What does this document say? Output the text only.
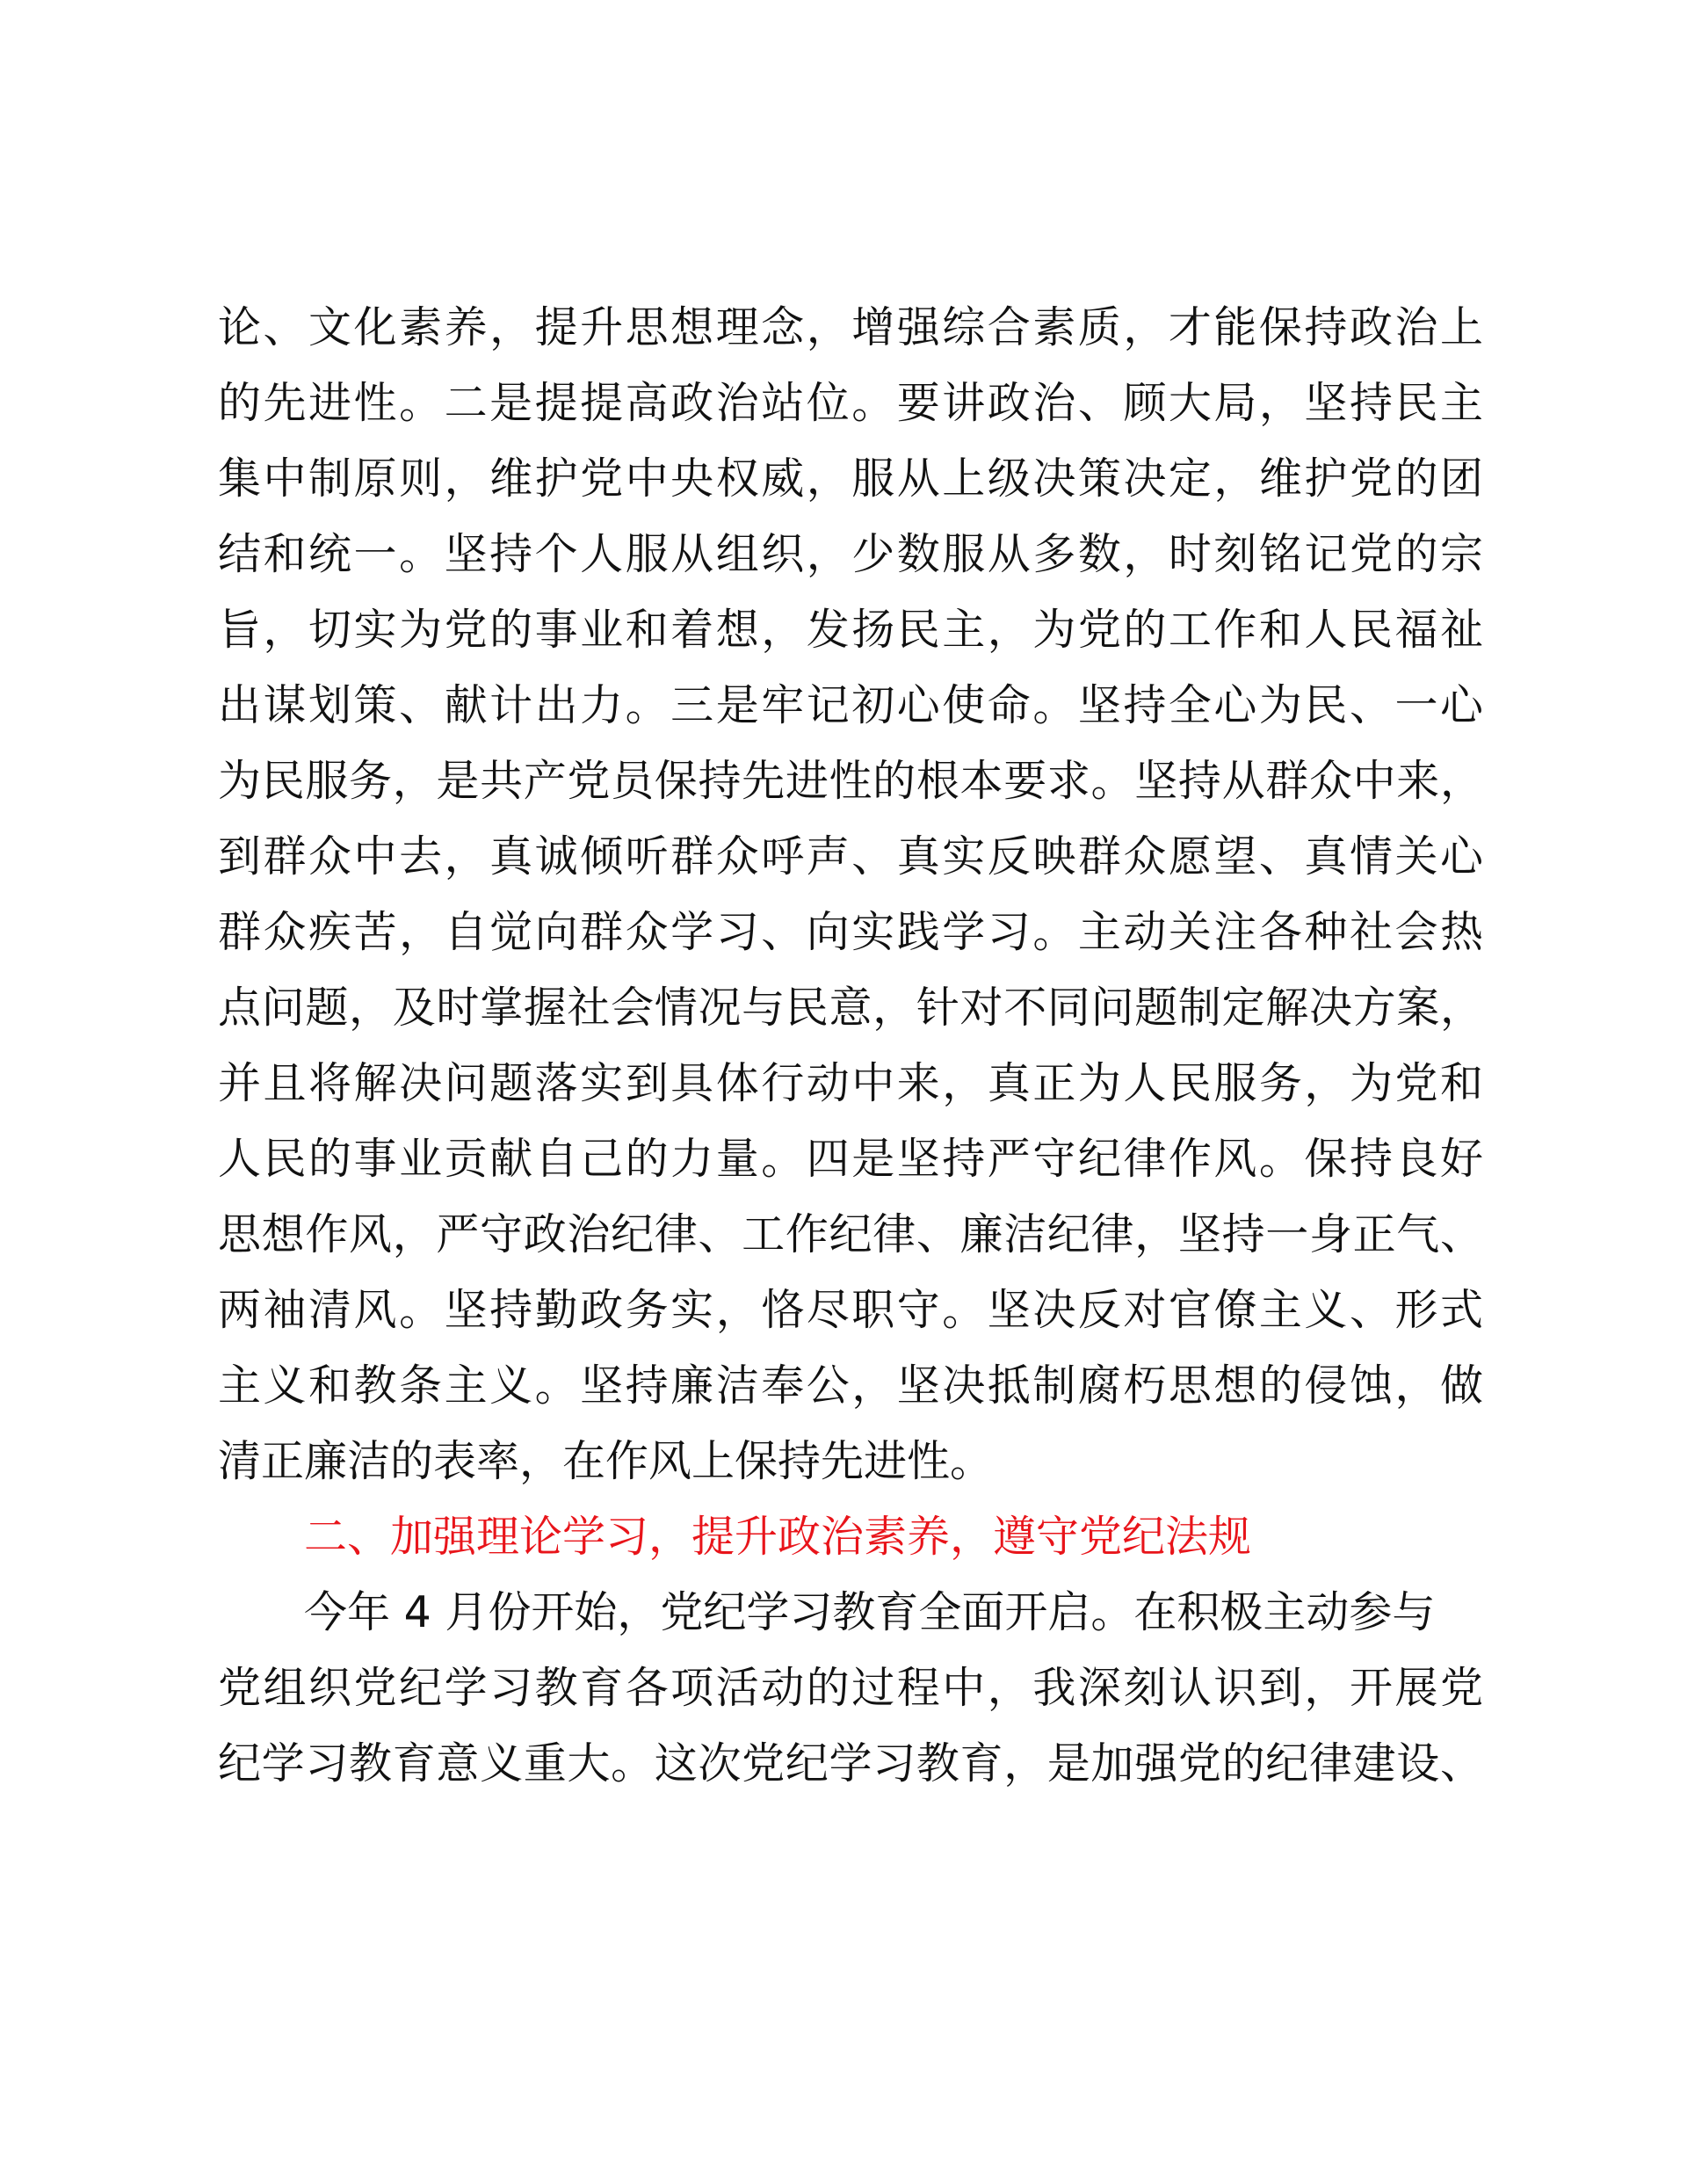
论、文化素养，提升思想理念，增强综合素质，才能保持政治上
的先进性。二是提提高政治站位。要讲政治、顾大局，坚持民主
集中制原则，维护党中央权威，服从上级决策决定，维护党的团
结和统一。坚持个人服从组织，少数服从多数，时刻铭记党的宗
旨，切实为党的事业和着想，发扬民主，为党的工作和人民福祉
出谋划策、献计出力。三是牢记初心使命。坚持全心为民、一心
为民服务，是共产党员保持先进性的根本要求。坚持从群众中来，
到群众中去，真诚倾听群众呼声、真实反映群众愿望、真情关心
群众疾苦，自觉向群众学习、向实践学习。主动关注各种社会热
点问题，及时掌握社会情况与民意，针对不同问题制定解决方案，
并且将解决问题落实到具体行动中来，真正为人民服务，为党和
人民的事业贡献自己的力量。四是坚持严守纪律作风。保持良好
思想作风，严守政治纪律、工作纪律、廉洁纪律，坚持一身正气、
两袖清风。坚持勤政务实，恪尽职守。坚决反对官僚主义、形式
主义和教条主义。坚持廉洁奉公，坚决抵制腐朽思想的侵蚀，做
清正廉洁的表率，在作风上保持先进性。
二、加强理论学习，提升政治素养，遵守党纪法规
今年 4 月份开始，党纪学习教育全面开启。在积极主动参与
党组织党纪学习教育各项活动的过程中，我深刻认识到，开展党
纪学习教育意义重大。这次党纪学习教育，是加强党的纪律建设、
